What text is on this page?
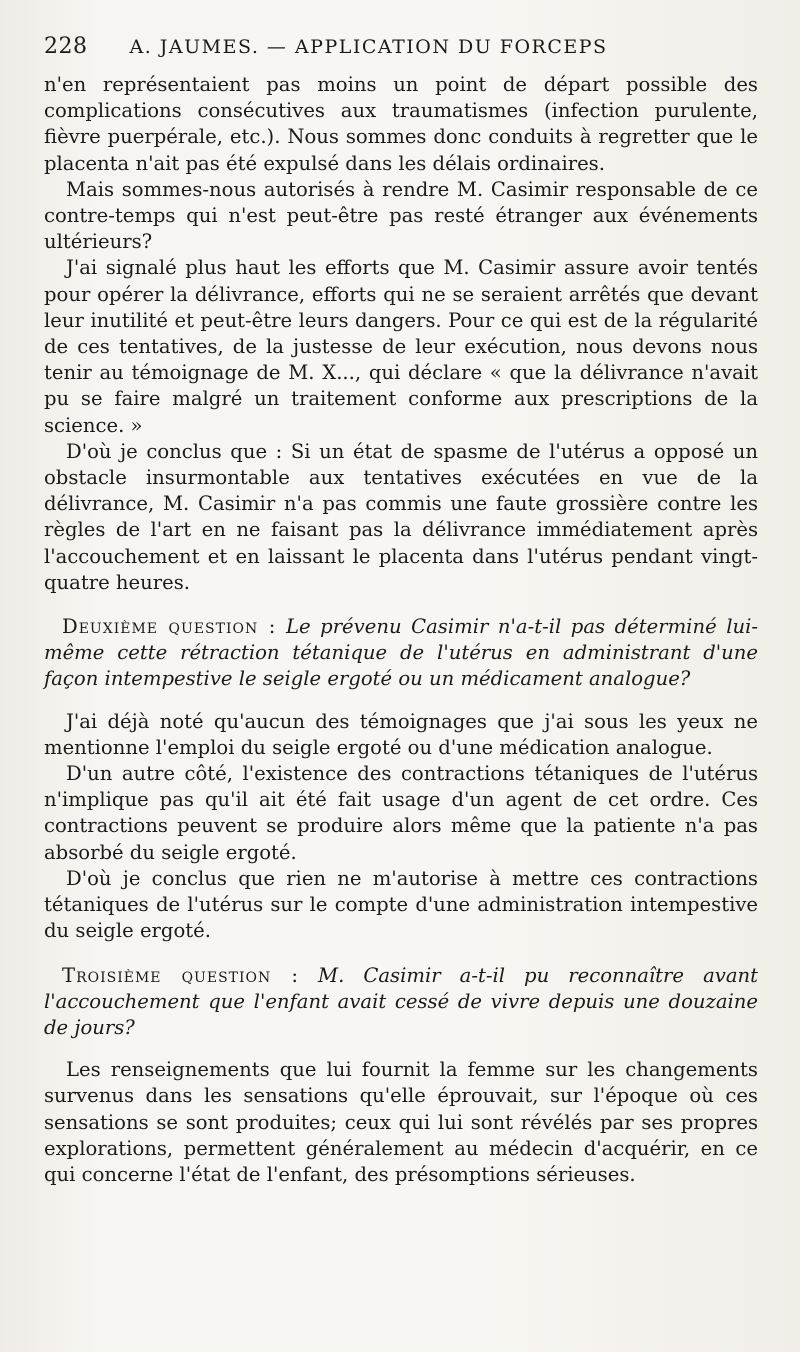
228 A. JAUMES. — APPLICATION DU FORCEPS

n'en représentaient pas moins un point de départ possible des complications consécutives aux traumatismes (infection purulente, fièvre puerpérale, etc.). Nous sommes donc conduits à regretter que le placenta n'ait pas été expulsé dans les délais ordinaires.

Mais sommes-nous autorisés à rendre M. Casimir responsable de ce contre-temps qui n'est peut-être pas resté étranger aux événements ultérieurs?

J'ai signalé plus haut les efforts que M. Casimir assure avoir tentés pour opérer la délivrance, efforts qui ne se seraient arrêtés que devant leur inutilité et peut-être leurs dangers. Pour ce qui est de la régularité de ces tentatives, de la justesse de leur exécution, nous devons nous tenir au témoignage de M. X..., qui déclare « que la délivrance n'avait pu se faire malgré un traitement conforme aux prescriptions de la science. »

D'où je conclus que : Si un état de spasme de l'utérus a opposé un obstacle insurmontable aux tentatives exécutées en vue de la délivrance, M. Casimir n'a pas commis une faute grossière contre les règles de l'art en ne faisant pas la délivrance immédiatement après l'accouchement et en laissant le placenta dans l'utérus pendant vingt-quatre heures.

Deuxième question : Le prévenu Casimir n'a-t-il pas déterminé lui-même cette rétraction tétanique de l'utérus en administrant d'une façon intempestive le seigle ergoté ou un médicament analogue?

J'ai déjà noté qu'aucun des témoignages que j'ai sous les yeux ne mentionne l'emploi du seigle ergoté ou d'une médication analogue.

D'un autre côté, l'existence des contractions tétaniques de l'utérus n'implique pas qu'il ait été fait usage d'un agent de cet ordre. Ces contractions peuvent se produire alors même que la patiente n'a pas absorbé du seigle ergoté.

D'où je conclus que rien ne m'autorise à mettre ces contractions tétaniques de l'utérus sur le compte d'une administration intempestive du seigle ergoté.

Troisième question : M. Casimir a-t-il pu reconnaître avant l'accouchement que l'enfant avait cessé de vivre depuis une douzaine de jours?

Les renseignements que lui fournit la femme sur les changements survenus dans les sensations qu'elle éprouvait, sur l'époque où ces sensations se sont produites; ceux qui lui sont révélés par ses propres explorations, permettent généralement au médecin d'acquérir, en ce qui concerne l'état de l'enfant, des présomptions sérieuses.
